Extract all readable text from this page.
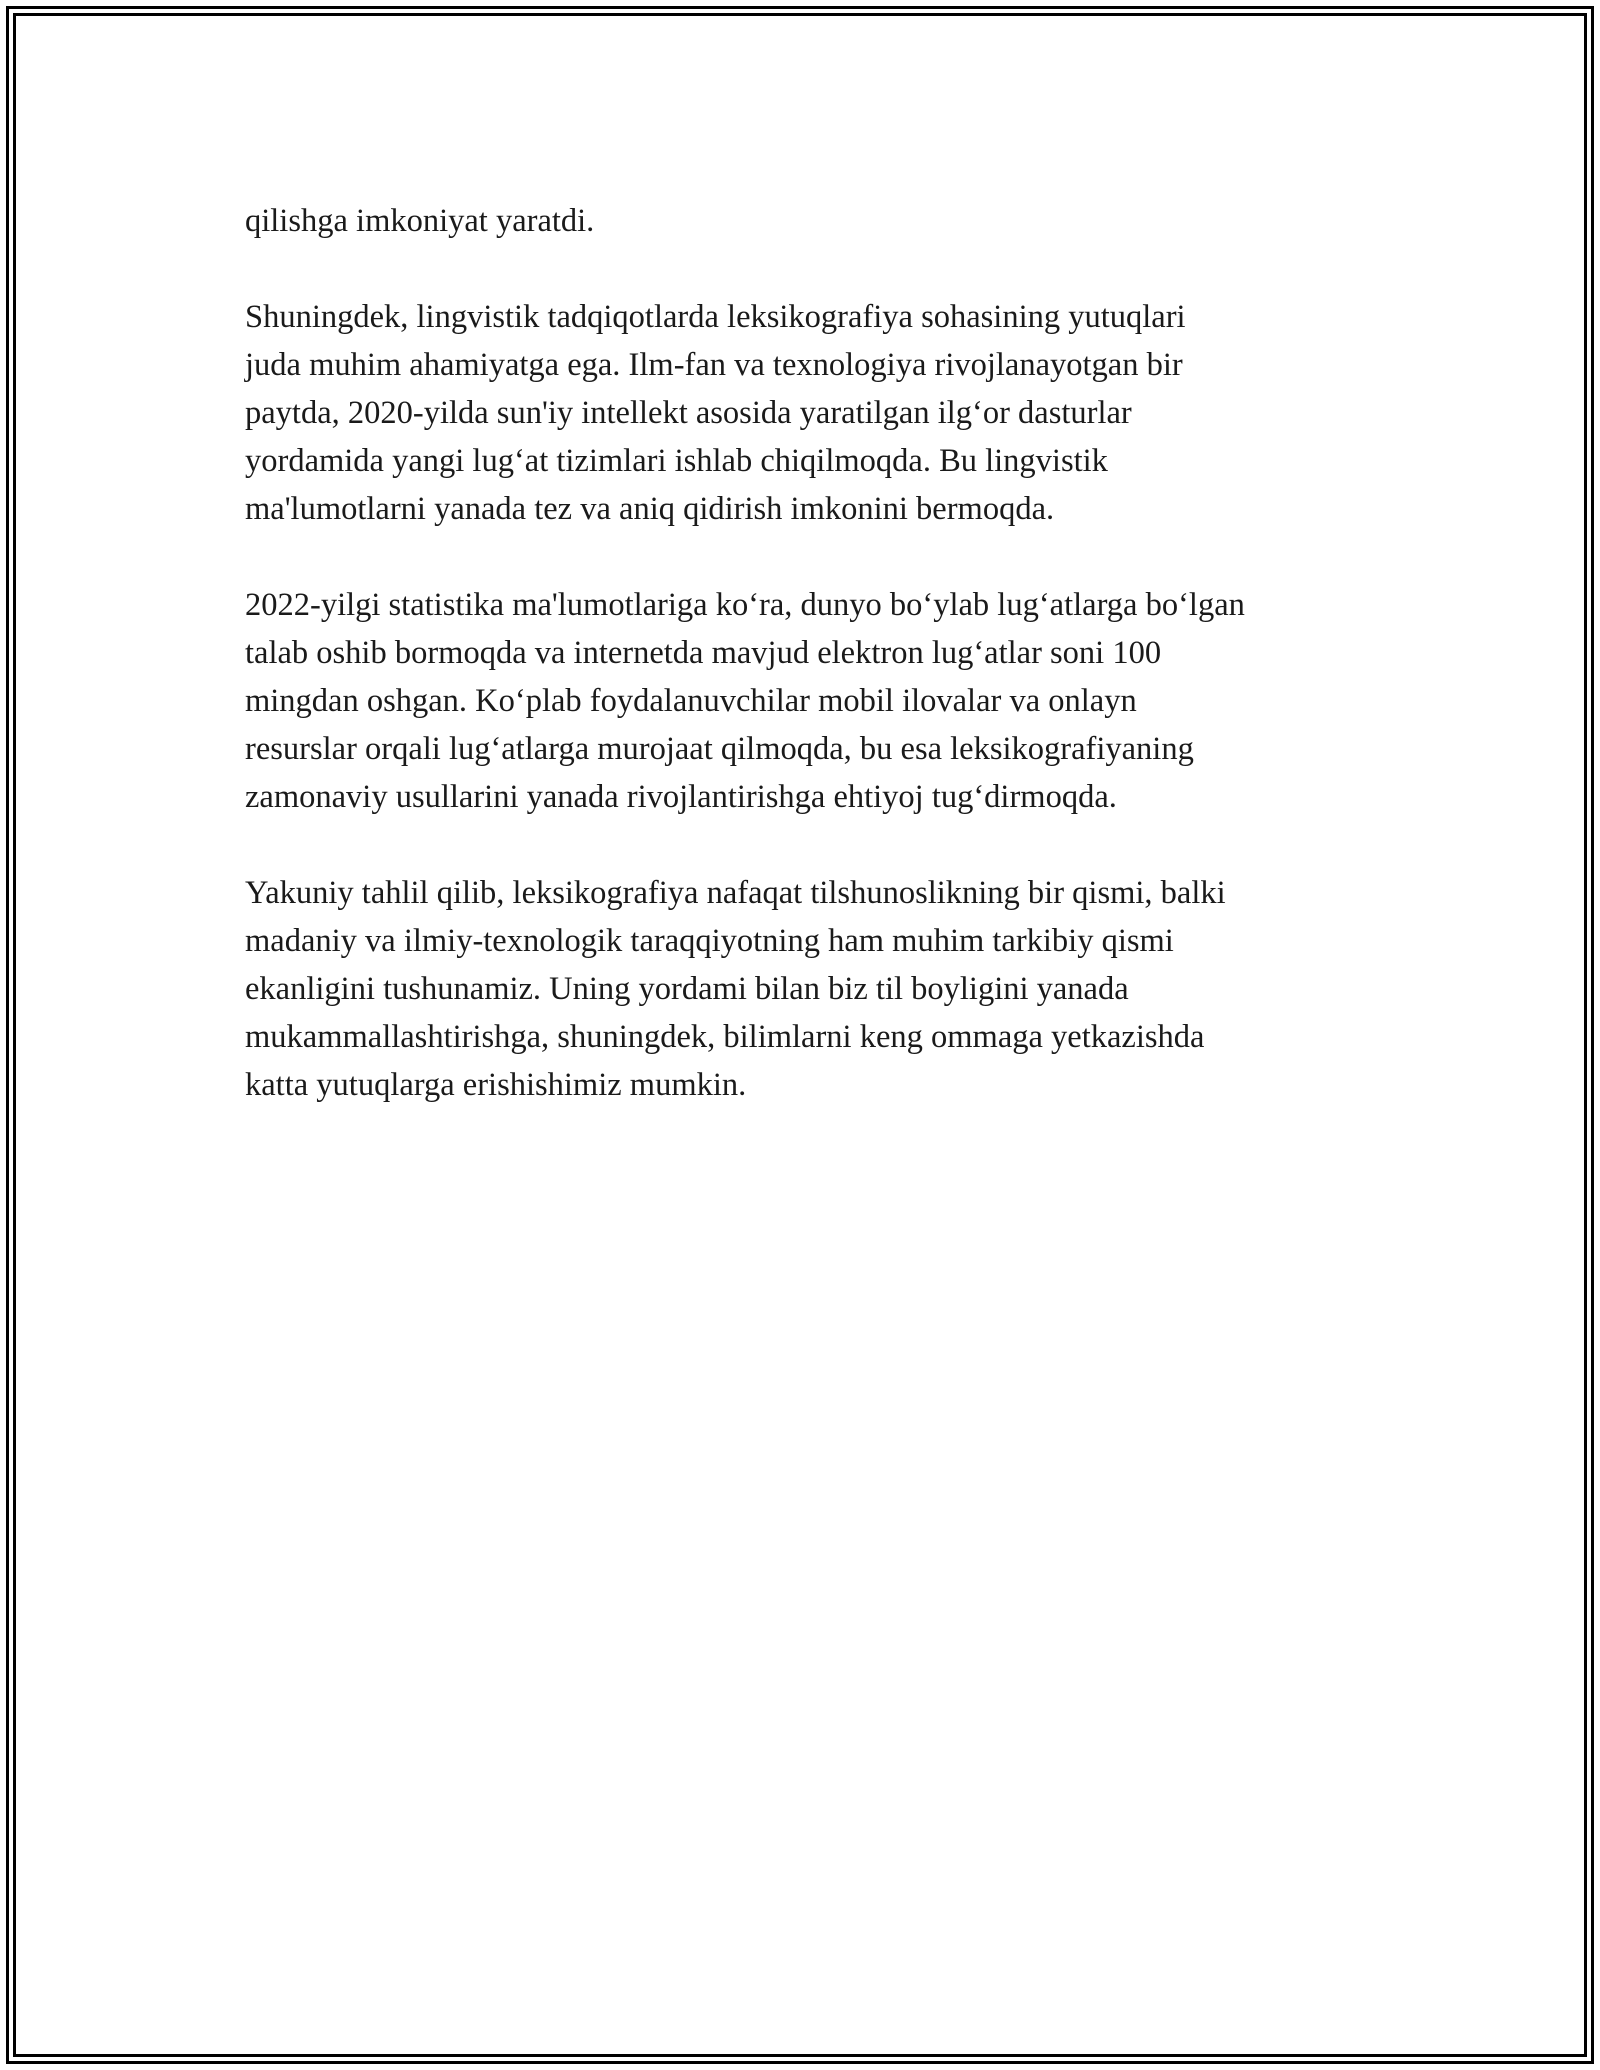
qilishga imkoniyat yaratdi.

Shuningdek, lingvistik tadqiqotlarda leksikografiya sohasining yutuqlari
juda muhim ahamiyatga ega. Ilm-fan va texnologiya rivojlanayotgan bir
paytda, 2020-yilda sun'iy intellekt asosida yaratilgan ilg‘or dasturlar
yordamida yangi lug‘at tizimlari ishlab chiqilmoqda. Bu lingvistik
ma'lumotlarni yanada tez va aniq qidirish imkonini bermoqda.

2022-yilgi statistika ma'lumotlariga ko‘ra, dunyo bo‘ylab lug‘atlarga bo‘lgan
talab oshib bormoqda va internetda mavjud elektron lug‘atlar soni 100
mingdan oshgan. Ko‘plab foydalanuvchilar mobil ilovalar va onlayn
resurslar orqali lug‘atlarga murojaat qilmoqda, bu esa leksikografiyaning
zamonaviy usullarini yanada rivojlantirishga ehtiyoj tug‘dirmoqda.

Yakuniy tahlil qilib, leksikografiya nafaqat tilshunoslikning bir qismi, balki
madaniy va ilmiy-texnologik taraqqiyotning ham muhim tarkibiy qismi
ekanligini tushunamiz. Uning yordami bilan biz til boyligini yanada
mukammallashtirishga, shuningdek, bilimlarni keng ommaga yetkazishda
katta yutuqlarga erishishimiz mumkin.
